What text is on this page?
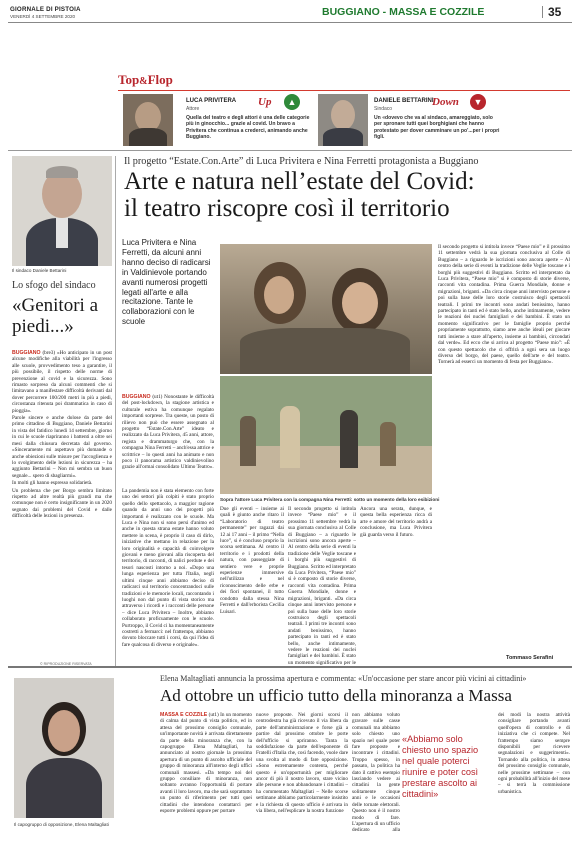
GIORNALE DI PISTOIA
VENERDÌ 4 SETTEMBRE 2020	BUGGIANO - MASSA E COZZILE	35
Top&Flop
LUCA PRIVITERA
Attore
Up	▲
Quella del teatro e degli attori è una delle categorie più in ginocchio... grazie al covid. Un bravo a Privitera che continua a crederci, animando anche Buggiano.
DANIELE BETTARINI
Sindaco
Down	▼
Un «dovevo che va al sindaco, amareggiato, solo per spronare tutti quei borghigiani che hanno protestato per dover camminare un po'...per i propri figli.
Il sindaco Daniele Bettarini
Lo sfogo del sindaco
«Genitori a piedi...»

BUGGIANO (bre3) «Ho anticipato in un post alcune modifiche alla viabilità per l'ingresso alle scuole, provvedimento teso a garantire, il più possibile, il rispetto delle norme di prevenzione al covid e la sicurezza. Sono rimasto sorpreso da alcuni commenti che si limitavano a manifestare difficoltà derivanti dal dover percorrere 100/200 metri in più a piedi, circostanza ritenuta poi drammatica in caso di pioggia».

Parole sincere e anche dolose da parte del primo cittadino di Buggiano, Daniele Bettarini in vista del fatidico lunedì 14 settembre, giorno in cui le scuole riapriranno i battenti a oltre sei mesi dalla chiusura decretata dal governo. «Sinceramente mi aspettavo più domande o anche obiezioni sulle misure per l'accoglienza e lo svolgimento delle lezioni in sicurezza – ha aggiunto Bettarini – Non mi sembra un buon segnale... spero di sbagliarmi».

In molti gli hanno espresso solidarietà.

Un problema che per Borgo sembra limitato rispetto ad altre realtà più grandi ma che comunque non è certo insignificante in un 2020 segnato dai problemi del Covid e dalle difficoltà delle lezioni in presenza.

© RIPRODUZIONE RISERVATA
Il progetto “Estate.Con.Arte” di Luca Privitera e Nina Ferretti protagonista a Buggiano
Arte e natura nell’estate del Covid:
il teatro riscopre così il territorio
Luca Privitera e Nina Ferretti, da alcuni anni hanno deciso di radicarsi in Valdinievole portando avanti numerosi progetti legati all'arte e alla recitazione. Tante le collaborazioni con le scuole

BUGGIANO (ut1) Nonostante le difficoltà del post-lockdown, la stagione artistica e culturale estiva ha comunque regalato importanti sorprese. Tra queste, un posto di rilievo non può che essere assegnato al progetto “Estate.Con.Arte” ideato e realizzato da Luca Privitera, 45 anni, attore, regista e drammaturgo che, con la compagna Nina Ferretti – anch'essa attrice e scrittrice – lo questi anni ha animato e non poco il panorama artistico valdinievolino grazie all'ormai consolidato Ultimo Teatro».

La pandemia non è stata elemento con forte uno dei settori più colpiti è stato proprio quello dello spettacolo, a maggior ragione quando da anni uno dei progetti più importanti è realizzato con le scuole. Ma Luca e Nina non si sono persi d'animo ed anche in questa strana estate hanno voluto mettere in scena, è proprio il caso di dirlo, iniziative che mettano in relazione per la loro originalità e capacità di coinvolgere giovani e meno giovani alla riscoperta del territorio, di racconti, di nalici perdute e dei tesori nascosti intorno a noi. «Dopo una lunga esperienza per tutta l'Italia, negli ultimi cinque anni abbiamo deciso di radicarci sul territorio concentrandoci sulle tradizioni e le memorie locali, raccontando i luoghi non dal punto di vista storico ma attraverso i ricordi e i racconti delle persone – dice Luca Privitera – Inoltre, abbiamo collaborato proficuamente con le scuole. Purtroppo, il Covid ci ha momentaneamente costretti a fermarci: nel frattempo, abbiamo dovuto bloccare tutti i corsi, da qui l'idea di fare qualcosa di diverso e originale».

Sopra l'attore Luca Privitera con la compagna Nina Ferretti: sotto un momento della loro esibizioni

Due gli eventi – insieme ai quali è giunto anche ritaro il “Laboratorio di teatro permanente” per ragazzi dai 12 ai 17 anni – il primo “Nella luce”, si è concluso proprio la scorsa settimana. Al centro il territorio e i prodotti della natura, con passeggiate di sentiero vere e proprie esperienze immersive nell'utilizzo e nel riconoscimento delle erbe e dei fiori spontanei, il tutto condotto dalla stessa Nina Ferretti e dall'erborista Cecilia Luisari.

Il secondo progetto si intitola invece “Paese mio” e il prossimo 11 settembre vedrà la sua giornata conclusiva al Colle di Buggiano – a riguardo le iscrizioni sono ancora aperte – Al centro della serie di eventi la tradizione delle Veglie toscane e i borghi più suggestivi di Buggiano. Scritto ed interpretato da Luca Privitera, “Paese mio” si è composto di storie diverse, racconti vita contadina. Prima Guerra Mondiale, donne e migrazioni, briganti. «Da circa cinque anni intervisto persone e poi sulla base delle loro storie costruisco degli spettacoli teatrali. I primi tre incontri sono andati benissimo, hanno partecipato in tanti ed è stato bello, anche intimamente, vedere le reazioni dei nuclei famigliari e dei bambini. È stato un momento significativo per le

Ancora una serata, dunque, e questa bella esperienza ricca di arte e amore del territorio andrà a conclusione, ma Luca Privitera già guarda verso il futuro.

Il secondo progetto si intitola invece “Paese mio” e il prossimo 11 settembre vedrà la sua giornata conclusiva al Colle di Buggiano – a riguardo le iscrizioni sono ancora aperte – Al centro della serie di eventi la tradizione delle Veglie toscane e i borghi più suggestivi di Buggiano. Scritto ed interpretato da Luca Privitera, “Paese mio” si è composto di storie diverse, racconti vita contadina. Prima Guerra Mondiale, donne e migrazioni, briganti. «Da circa cinque anni intervisto persone e poi sulla base delle loro storie costruisco degli spettacoli teatrali. I primi tre incontri sono andati benissimo, hanno partecipato in tanti ed è stato bello, anche intimamente, vedere le reazioni dei nuclei famigliari e dei bambini. È stato un momento significativo per le famiglie proprio perché propriamente soprattutto, siamo aree anche ideali per giocare tutti insieme a stare all'aperto, insieme ai bambini, circondati dal verde». Ed ecco che si arriva al progetto “Paese mio”: «È con questo spettacolo che ci offrirà a ogni sera un luogo diverso del borgo, del paese, quello dell'arte e del teatro. Tornerà ad esserci un momento di festa per Buggiano».

Tommaso Serafini
Il capogruppo di opposizione, Elena Maltagliati
Elena Maltagliati annuncia la prossima apertura e commenta: «Un'occasione per stare ancor più vicini ai cittadini»
Ad ottobre un ufficio tutto della minoranza a Massa

MASSA E COZZILE (ut1) In un momento di calma dal punto di vista politico, ed in attesa del prossimo consiglio comunale, un'importante novità è arrivata direttamente da parte della minoranza che, con la capogruppo Elena Maltagliati, ha annunciato al nostro giornale la prossima apertura di un punto di ascolto ufficiale del gruppo di minoranza all'interno degli uffici comunali massesi. «Da tempo noi del gruppo consiliare di minoranza, non soltanto avranno l'opportunità di portare avanti il loro lavoro, ma che sarà soprattutto un punto di riferimento per tutti quei cittadini che intendono contattarci per esporre problemi oppure per portare

nuove proposte. Nei giorni scorsi il centrodestra ha già ricevuto il via libera da parte dell'amministrazione e forse già a partire dal prossimo ottobre le porte dell'ufficio si apriranno. Tanta la soddisfazione da parte dell'esponente di Fratelli d'Italia che, così facendo, vuole dare una svolta al modo di fare opposizione. «Sono estremamente contenta, perché questo è un'opportunità per migliorare ancor di più il nostro lavoro, stare vicino alle persone e non abbandonare i cittadini – ha commentato Maltagliati – Nelle scorse settimane abbiamo particolarmente insistito e la richiesta di questo ufficio è arrivata in via libera, nell'esplicare la nostra funzione

non abbiamo voluto gravare sulle casse comunali ma abbiamo solo chiesto uno spazio nel quale poter fare proposte e incontrare i cittadini. Troppo spesso, in passato, la politica ha dato il cattivo esempio lasciando vedere ai cittadini la gente solitamente cinque anni e le occasioni delle tornate elettorali. Questo non è il nostro modo di fare. L'apertura di un ufficio dedicato alla

«Abbiamo solo chiesto uno spazio nel quale poterci riunire e poter così prestare ascolto ai cittadini»

dei modi la nostra attività consigliare portando avanti quell'opera di controllo e di iniziativa che ci compete. Nel frattempo siamo sempre disponibili per ricevere segnalazioni e suggerimenti». Tornando alla politica, in attesa del prossimo consiglio comunale, nelle prossime settimane – con ogni probabilità all'inizio del mese – si terrà la commissione urbanistica.
